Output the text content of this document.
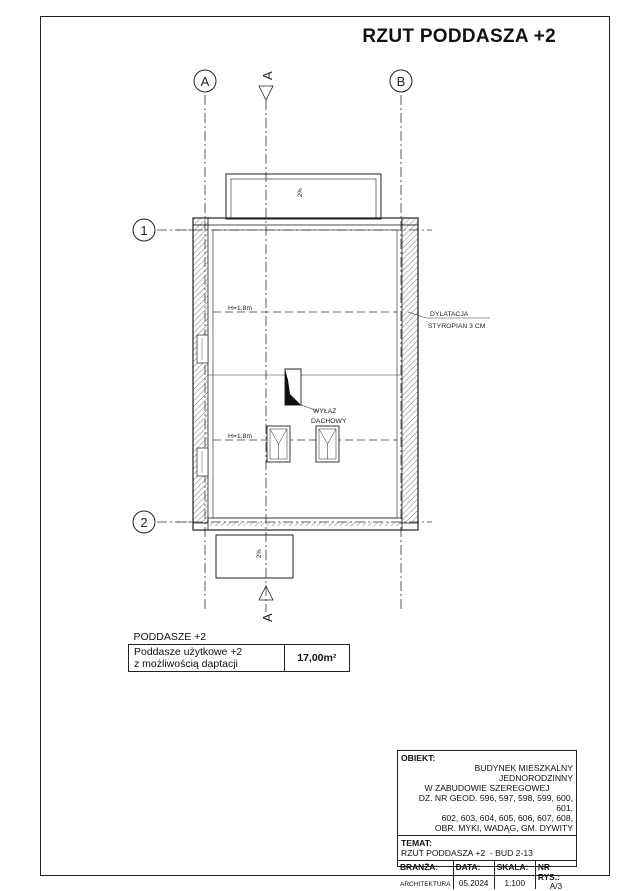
RZUT PODDASZA +2
A	B
1
2
A
A
2%
2%
H=1,8m
H=1,8m
DYLATACJA
STYROPIAN 3 CM
WYŁAZ
DACHOWY
PODDASZE +2

Poddasze użytkowe +2
z możliwością daptacji	17,00m²
OBIEKT:
BUDYNEK MIESZKALNY JEDNORODZINNY
W ZABUDOWIE SZEREGOWEJ
DZ. NR GEOD. 596, 597, 598, 599, 600, 601,
602, 603, 604, 605, 606, 607, 608,
OBR. MYKI, WADĄG, GM. DYWITY
TEMAT:
RZUT PODDASZA +2  - BUD 2-13
BRANŻA:
ARCHITEKTURA
DATA:
05.2024
SKALA:
1:100
NR RYS.:
A/3
